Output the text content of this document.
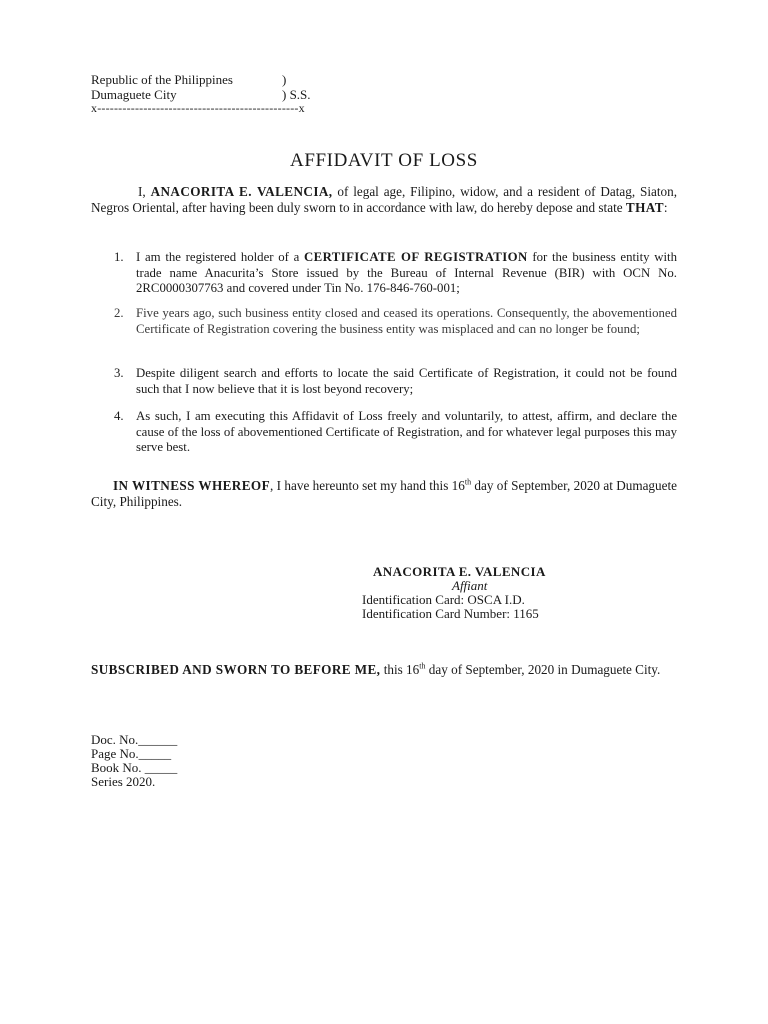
Republic of the Philippines	)
Dumaguete City	) S.S.
x------------------------------------------------x
AFFIDAVIT OF LOSS

I, ANACORITA E. VALENCIA, of legal age, Filipino, widow, and a resident of Datag, Siaton, Negros Oriental, after having been duly sworn to in accordance with law, do hereby depose and state THAT:

1. I am the registered holder of a CERTIFICATE OF REGISTRATION for the business entity with trade name Anacurita’s Store issued by the Bureau of Internal Revenue (BIR) with OCN No. 2RC0000307763 and covered under Tin No. 176-846-760-001;
2. Five years ago, such business entity closed and ceased its operations. Consequently, the abovementioned Certificate of Registration covering the business entity was misplaced and can no longer be found;
3. Despite diligent search and efforts to locate the said Certificate of Registration, it could not be found such that I now believe that it is lost beyond recovery;
4. As such, I am executing this Affidavit of Loss freely and voluntarily, to attest, affirm, and declare the cause of the loss of abovementioned Certificate of Registration, and for whatever legal purposes this may serve best.

IN WITNESS WHEREOF, I have hereunto set my hand this 16th day of September, 2020 at Dumaguete City, Philippines.

ANACORITA E. VALENCIA
Affiant
Identification Card: OSCA I.D.
Identification Card Number: 1165

SUBSCRIBED AND SWORN TO BEFORE ME, this 16th day of September, 2020 in Dumaguete City.

Doc. No.______
Page No._____
Book No. _____
Series 2020.
